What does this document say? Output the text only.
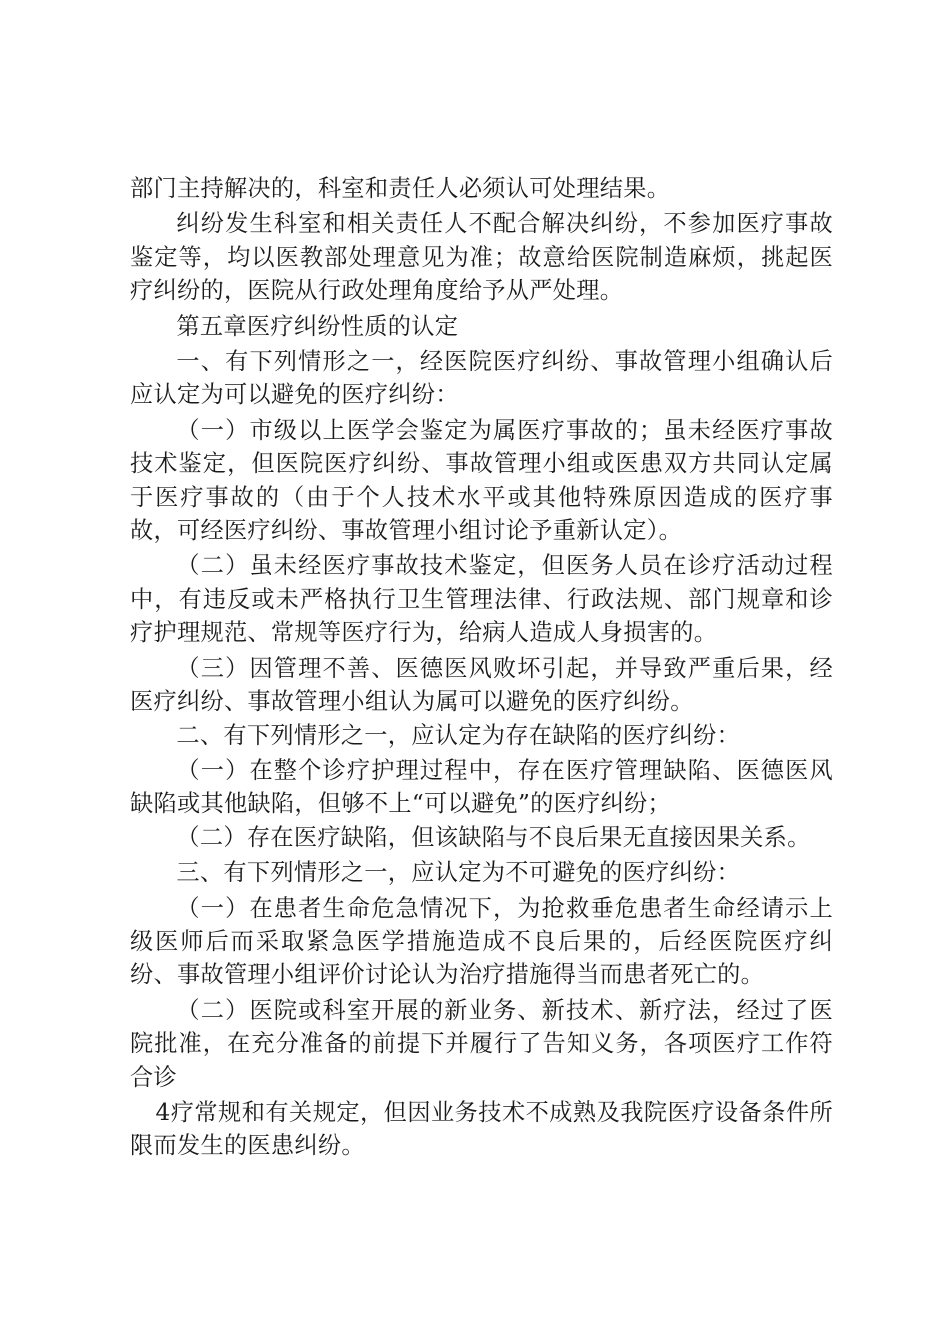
部门主持解决的，科室和责任人必须认可处理结果。

纠纷发生科室和相关责任人不配合解决纠纷，不参加医疗事故鉴定等，均以医教部处理意见为准；故意给医院制造麻烦，挑起医疗纠纷的，医院从行政处理角度给予从严处理。

第五章医疗纠纷性质的认定

一、有下列情形之一，经医院医疗纠纷、事故管理小组确认后应认定为可以避免的医疗纠纷：

（一）市级以上医学会鉴定为属医疗事故的；虽未经医疗事故技术鉴定，但医院医疗纠纷、事故管理小组或医患双方共同认定属于医疗事故的（由于个人技术水平或其他特殊原因造成的医疗事故，可经医疗纠纷、事故管理小组讨论予重新认定）。

（二）虽未经医疗事故技术鉴定，但医务人员在诊疗活动过程中，有违反或未严格执行卫生管理法律、行政法规、部门规章和诊疗护理规范、常规等医疗行为，给病人造成人身损害的。

（三）因管理不善、医德医风败坏引起，并导致严重后果，经医疗纠纷、事故管理小组认为属可以避免的医疗纠纷。

二、有下列情形之一，应认定为存在缺陷的医疗纠纷：

（一）在整个诊疗护理过程中，存在医疗管理缺陷、医德医风缺陷或其他缺陷，但够不上“可以避免”的医疗纠纷；

（二）存在医疗缺陷，但该缺陷与不良后果无直接因果关系。

三、有下列情形之一，应认定为不可避免的医疗纠纷：

（一）在患者生命危急情况下，为抢救垂危患者生命经请示上级医师后而采取紧急医学措施造成不良后果的，后经医院医疗纠纷、事故管理小组评价讨论认为治疗措施得当而患者死亡的。

（二）医院或科室开展的新业务、新技术、新疗法，经过了医院批准，在充分准备的前提下并履行了告知义务，各项医疗工作符合诊

4疗常规和有关规定，但因业务技术不成熟及我院医疗设备条件所限而发生的医患纠纷。
